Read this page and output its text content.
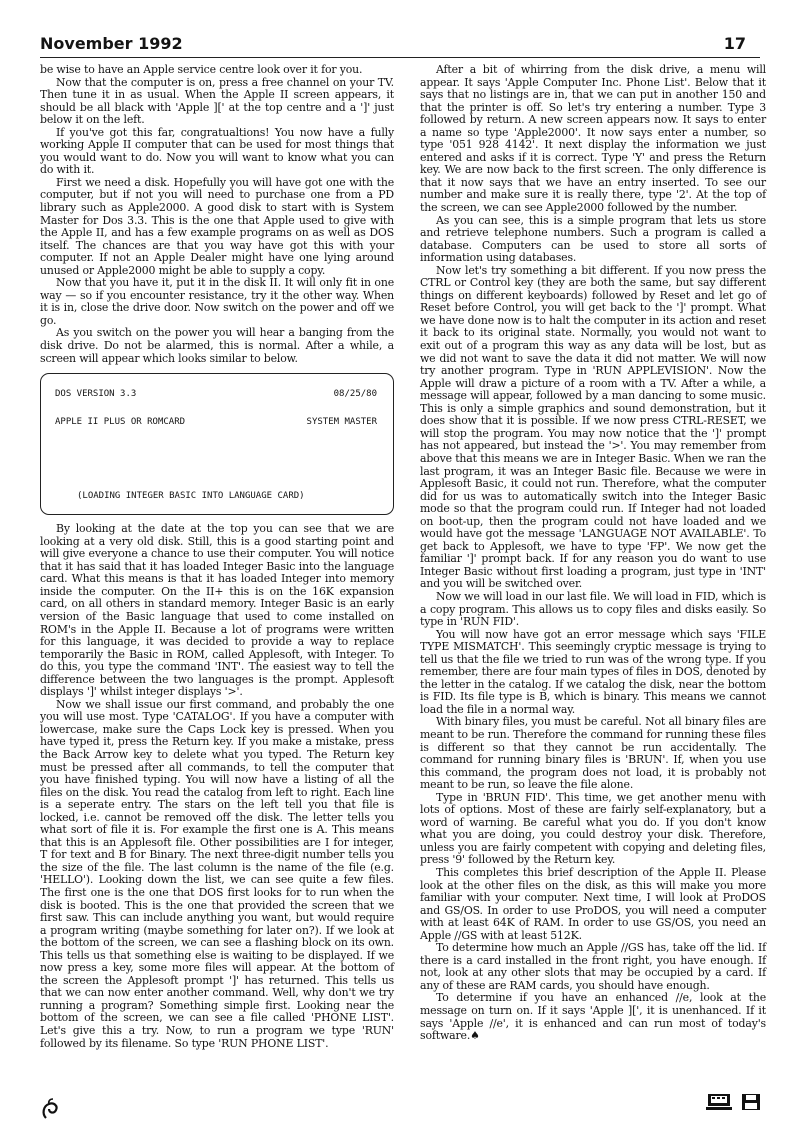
November 1992	17

be wise to have an Apple service centre look over it for you.

Now that the computer is on, press a free channel on your TV. Then tune it in as usual. When the Apple II screen appears, it should be all black with 'Apple ][' at the top centre and a ']' just below it on the left.

If you've got this far, congratualtions! You now have a fully working Apple II computer that can be used for most things that you would want to do. Now you will want to know what you can do with it.

First we need a disk. Hopefully you will have got one with the computer, but if not you will need to purchase one from a PD library such as Apple2000. A good disk to start with is System Master for Dos 3.3. This is the one that Apple used to give with the Apple II, and has a few example programs on as well as DOS itself. The chances are that you way have got this with your computer. If not an Apple Dealer might have one lying around unused or Apple2000 might be able to supply a copy.

Now that you have it, put it in the disk II. It will only fit in one way — so if you encounter resistance, try it the other way. When it is in, close the drive door. Now switch on the power and off we go.

As you switch on the power you will hear a banging from the disk drive. Do not be alarmed, this is normal. After a while, a screen will appear which looks similar to below.

DOS VERSION 3.3	08/25/80
APPLE II PLUS OR ROMCARD	SYSTEM MASTER
(LOADING INTEGER BASIC INTO LANGUAGE CARD)

By looking at the date at the top you can see that we are looking at a very old disk. Still, this is a good starting point and will give everyone a chance to use their computer. You will notice that it has said that it has loaded Integer Basic into the language card. What this means is that it has loaded Integer into memory inside the computer. On the II+ this is on the 16K expansion card, on all others in standard memory. Integer Basic is an early version of the Basic language that used to come installed on ROM's in the Apple II. Because a lot of programs were written for this language, it was decided to provide a way to replace temporarily the Basic in ROM, called Applesoft, with Integer. To do this, you type the command 'INT'. The easiest way to tell the difference between the two languages is the prompt. Applesoft displays ']' whilst integer displays '>'.

Now we shall issue our first command, and probably the one you will use most. Type 'CATALOG'. If you have a computer with lowercase, make sure the Caps Lock key is pressed. When you have typed it, press the Return key. If you make a mistake, press the Back Arrow key to delete what you typed. The Return key must be pressed after all commands, to tell the computer that you have finished typing. You will now have a listing of all the files on the disk. You read the catalog from left to right. Each line is a seperate entry. The stars on the left tell you that file is locked, i.e. cannot be removed off the disk. The letter tells you what sort of file it is. For example the first one is A. This means that this is an Applesoft file. Other possibilities are I for integer, T for text and B for Binary. The next three-digit number tells you the size of the file. The last column is the name of the file (e.g. 'HELLO'). Looking down the list, we can see quite a few files. The first one is the one that DOS first looks for to run when the disk is booted. This is the one that provided the screen that we first saw. This can include anything you want, but would require a program writing (maybe something for later on?). If we look at the bottom of the screen, we can see a flashing block on its own. This tells us that something else is waiting to be displayed. If we now press a key, some more files will appear. At the bottom of the screen the Applesoft prompt ']' has returned. This tells us that we can now enter another command. Well, why don't we try running a program? Something simple first. Looking near the bottom of the screen, we can see a file called 'PHONE LIST'. Let's give this a try. Now, to run a program we type 'RUN' followed by its filename. So type 'RUN PHONE LIST'.

After a bit of whirring from the disk drive, a menu will appear. It says 'Apple Computer Inc. Phone List'. Below that it says that no listings are in, that we can put in another 150 and that the printer is off. So let's try entering a number. Type 3 followed by return. A new screen appears now. It says to enter a name so type 'Apple2000'. It now says enter a number, so type '051 928 4142'. It next display the information we just entered and asks if it is correct. Type 'Y' and press the Return key. We are now back to the first screen. The only difference is that it now says that we have an entry inserted. To see our number and make sure it is really there, type '2'. At the top of the screen, we can see Apple2000 followed by the number.

As you can see, this is a simple program that lets us store and retrieve telephone numbers. Such a program is called a database. Computers can be used to store all sorts of information using databases.

Now let's try something a bit different. If you now press the CTRL or Control key (they are both the same, but say different things on different keyboards) followed by Reset and let go of Reset before Control, you will get back to the ']' prompt. What we have done now is to halt the computer in its action and reset it back to its original state. Normally, you would not want to exit out of a program this way as any data will be lost, but as we did not want to save the data it did not matter. We will now try another program. Type in 'RUN APPLEVISION'. Now the Apple will draw a picture of a room with a TV. After a while, a message will appear, followed by a man dancing to some music. This is only a simple graphics and sound demonstration, but it does show that it is possible. If we now press CTRL-RESET, we will stop the program. You may now notice that the ']' prompt has not appeared, but instead the '>'. You may remember from above that this means we are in Integer Basic. When we ran the last program, it was an Integer Basic file. Because we were in Applesoft Basic, it could not run. Therefore, what the computer did for us was to automatically switch into the Integer Basic mode so that the program could run. If Integer had not loaded on boot-up, then the program could not have loaded and we would have got the message 'LANGUAGE NOT AVAILABLE'. To get back to Applesoft, we have to type 'FP'. We now get the familiar ']' prompt back. If for any reason you do want to use Integer Basic without first loading a program, just type in 'INT' and you will be switched over.

Now we will load in our last file. We will load in FID, which is a copy program. This allows us to copy files and disks easily. So type in 'RUN FID'.

You will now have got an error message which says 'FILE TYPE MISMATCH'. This seemingly cryptic message is trying to tell us that the file we tried to run was of the wrong type. If you remember, there are four main types of files in DOS, denoted by the letter in the catalog. If we catalog the disk, near the bottom is FID. Its file type is B, which is binary. This means we cannot load the file in a normal way.

With binary files, you must be careful. Not all binary files are meant to be run. Therefore the command for running these files is different so that they cannot be run accidentally. The command for running binary files is 'BRUN'. If, when you use this command, the program does not load, it is probably not meant to be run, so leave the file alone.

Type in 'BRUN FID'. This time, we get another menu with lots of options. Most of these are fairly self-explanatory, but a word of warning. Be careful what you do. If you don't know what you are doing, you could destroy your disk. Therefore, unless you are fairly competent with copying and deleting files, press '9' followed by the Return key.

This completes this brief description of the Apple II. Please look at the other files on the disk, as this will make you more familiar with your computer. Next time, I will look at ProDOS and GS/OS. In order to use ProDOS, you will need a computer with at least 64K of RAM. In order to use GS/OS, you need an Apple //GS with at least 512K.

To determine how much an Apple //GS has, take off the lid. If there is a card installed in the front right, you have enough. If not, look at any other slots that may be occupied by a card. If any of these are RAM cards, you should have enough.

To determine if you have an enhanced //e, look at the message on turn on. If it says 'Apple ][', it is unenhanced. If it says 'Apple //e', it is enhanced and can run most of today's software.♠
